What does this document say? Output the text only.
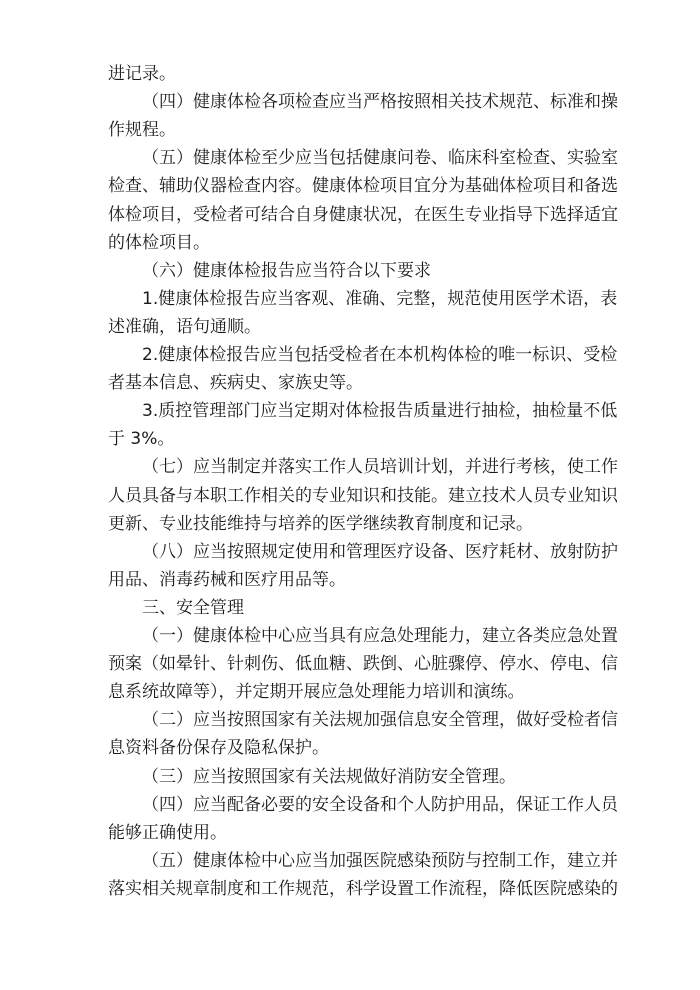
进记录。
（四）健康体检各项检查应当严格按照相关技术规范、标准和操
作规程。
（五）健康体检至少应当包括健康问卷、临床科室检查、实验室
检查、辅助仪器检查内容。健康体检项目宜分为基础体检项目和备选
体检项目，受检者可结合自身健康状况，在医生专业指导下选择适宜
的体检项目。
（六）健康体检报告应当符合以下要求
1.健康体检报告应当客观、准确、完整，规范使用医学术语，表
述准确，语句通顺。
2.健康体检报告应当包括受检者在本机构体检的唯一标识、受检
者基本信息、疾病史、家族史等。
3.质控管理部门应当定期对体检报告质量进行抽检，抽检量不低
于 3%。
（七）应当制定并落实工作人员培训计划，并进行考核，使工作
人员具备与本职工作相关的专业知识和技能。建立技术人员专业知识
更新、专业技能维持与培养的医学继续教育制度和记录。
（八）应当按照规定使用和管理医疗设备、医疗耗材、放射防护
用品、消毒药械和医疗用品等。
三、安全管理
（一）健康体检中心应当具有应急处理能力，建立各类应急处置
预案（如晕针、针刺伤、低血糖、跌倒、心脏骤停、停水、停电、信
息系统故障等），并定期开展应急处理能力培训和演练。
（二）应当按照国家有关法规加强信息安全管理，做好受检者信
息资料备份保存及隐私保护。
（三）应当按照国家有关法规做好消防安全管理。
（四）应当配备必要的安全设备和个人防护用品，保证工作人员
能够正确使用。
（五）健康体检中心应当加强医院感染预防与控制工作，建立并
落实相关规章制度和工作规范，科学设置工作流程，降低医院感染的
